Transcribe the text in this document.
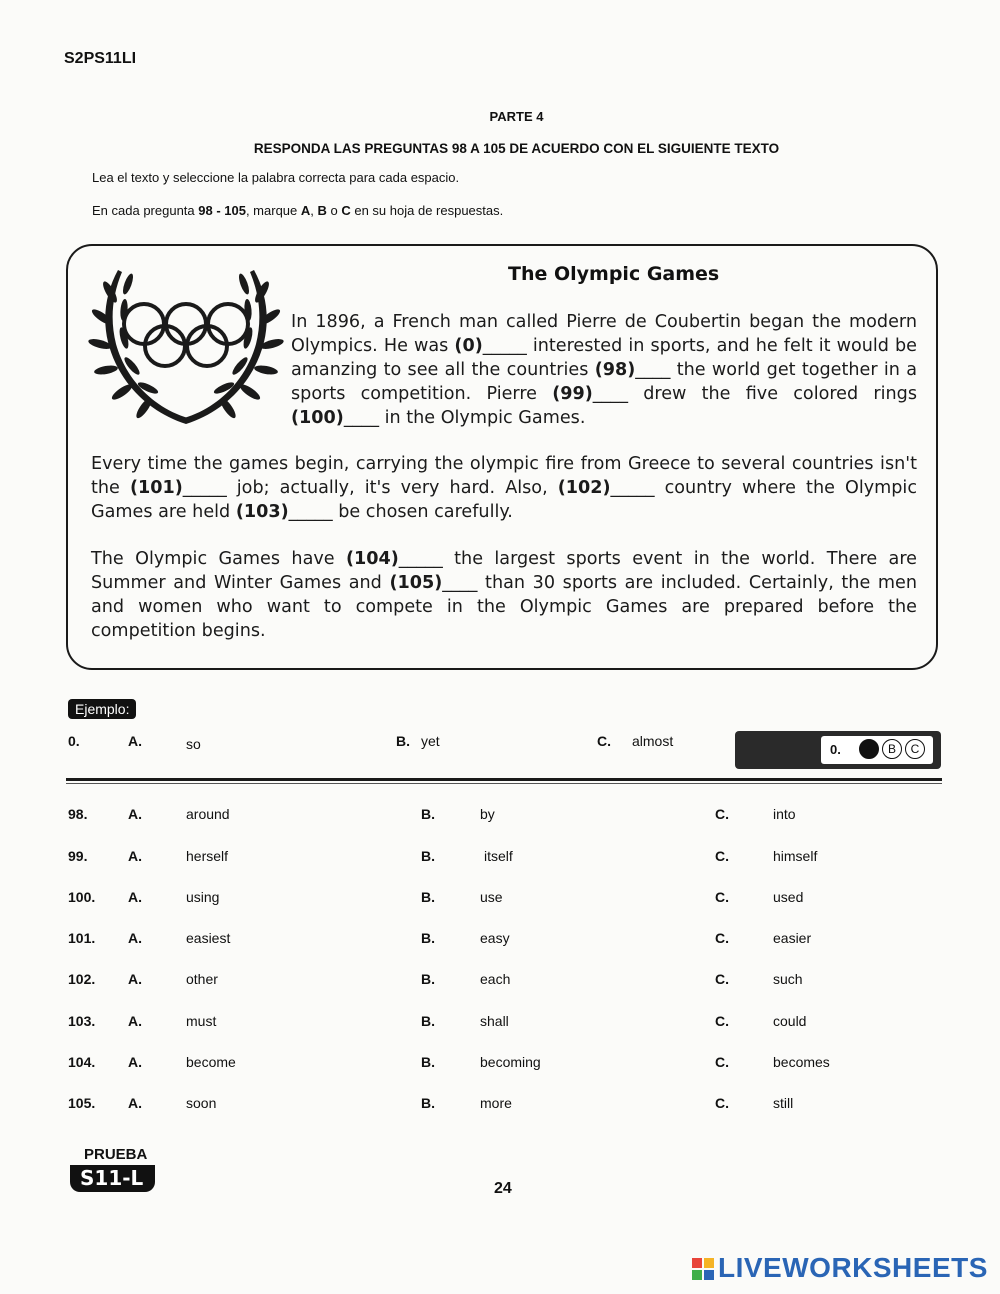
S2PS11LI
PARTE 4
RESPONDA LAS PREGUNTAS 98 A 105 DE ACUERDO CON EL SIGUIENTE TEXTO
Lea el texto y seleccione la palabra correcta para cada espacio.
En cada pregunta 98 - 105, marque A, B o C en su hoja de respuestas.
The Olympic Games
In 1896, a French man called Pierre de Coubertin began the modern Olympics. He was (0)_____ interested in sports, and he felt it would be amanzing to see all the countries (98)____ the world get together in a sports competition. Pierre (99)____ drew the five colored rings (100)____ in the Olympic Games.
Every time the games begin, carrying the olympic fire from Greece to several countries isn't the (101)_____ job; actually, it's very hard. Also, (102)_____ country where the Olympic Games are held (103)_____ be chosen carefully.
The Olympic Games have (104)_____ the largest sports event in the world. There are Summer and Winter Games and (105)____ than 30 sports are included. Certainly, the men and women who want to compete in the Olympic Games are prepared before the competition begins.
Ejemplo:
0.	A.	so	B. yet	C. almost
0.	A	B	C
98.	A.	around	B.	by	C.	into
99.	A.	herself	B.	itself	C.	himself
100. A.	using	B.	use	C.	used
101. A.	easiest	B.	easy	C.	easier
102. A.	other	B.	each	C.	such
103. A.	must	B.	shall	C.	could
104. A.	become	B.	becoming	C.	becomes
105. A.	soon	B.	more	C.	still
PRUEBA
S11-L	24
LIVEWORKSHEETS
